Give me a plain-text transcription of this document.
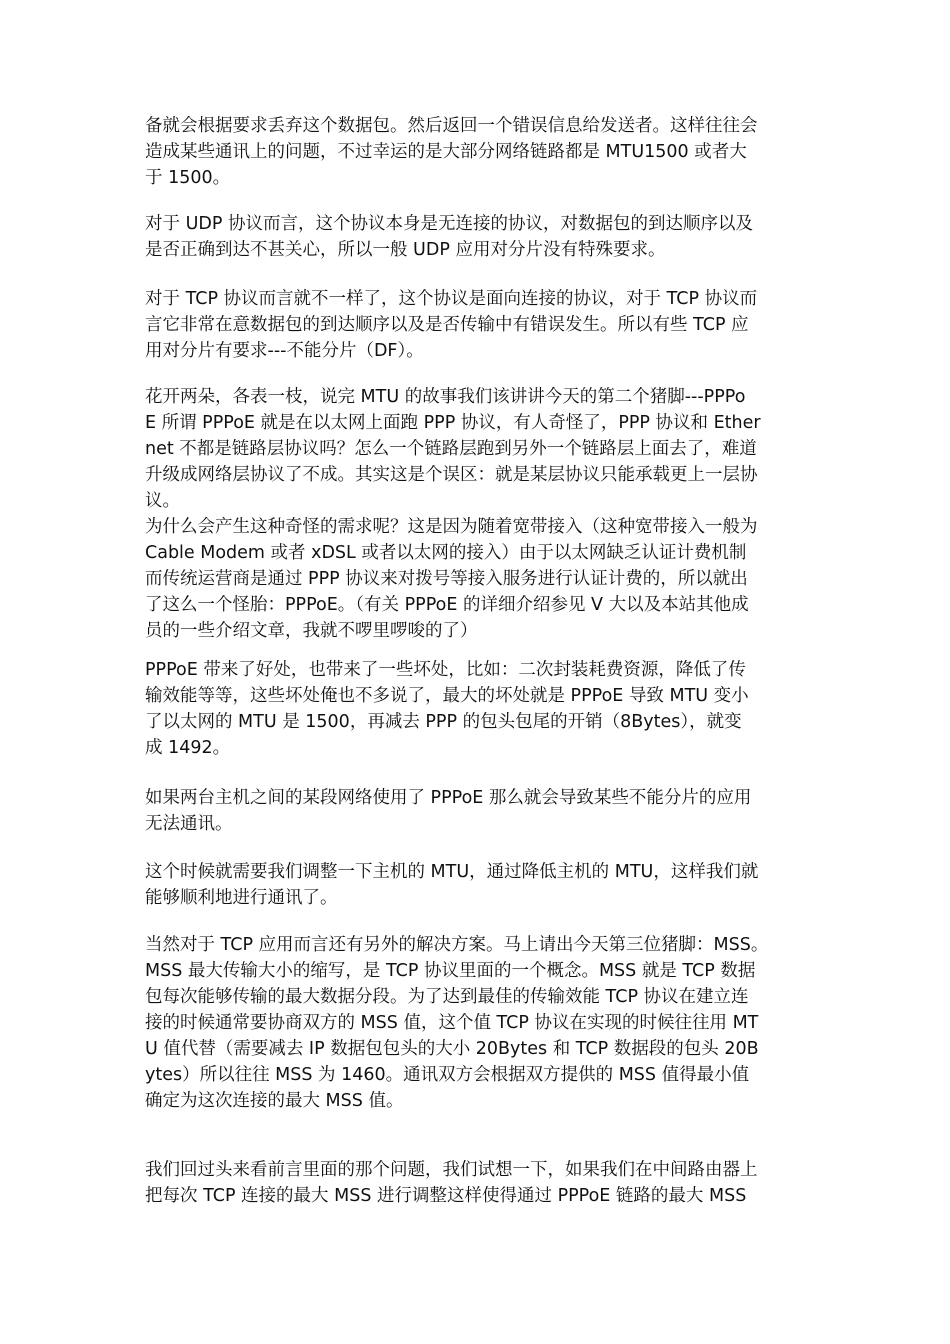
备就会根据要求丢弃这个数据包。然后返回一个错误信息给发送者。这样往往会
造成某些通讯上的问题，不过幸运的是大部分网络链路都是 MTU1500 或者大
于 1500。
对于 UDP 协议而言，这个协议本身是无连接的协议，对数据包的到达顺序以及
是否正确到达不甚关心，所以一般 UDP 应用对分片没有特殊要求。
对于 TCP 协议而言就不一样了，这个协议是面向连接的协议，对于 TCP 协议而
言它非常在意数据包的到达顺序以及是否传输中有错误发生。所以有些 TCP 应
用对分片有要求---不能分片（DF）。
花开两朵，各表一枝，说完 MTU 的故事我们该讲讲今天的第二个猪脚---PPPo
E 所谓 PPPoE 就是在以太网上面跑 PPP 协议，有人奇怪了，PPP 协议和 Ether
net 不都是链路层协议吗？怎么一个链路层跑到另外一个链路层上面去了，难道
升级成网络层协议了不成。其实这是个误区：就是某层协议只能承载更上一层协
议。
为什么会产生这种奇怪的需求呢？这是因为随着宽带接入（这种宽带接入一般为
Cable Modem 或者 xDSL 或者以太网的接入）由于以太网缺乏认证计费机制
而传统运营商是通过 PPP 协议来对拨号等接入服务进行认证计费的，所以就出
了这么一个怪胎：PPPoE。（有关 PPPoE 的详细介绍参见 V 大以及本站其他成
员的一些介绍文章，我就不啰里啰唆的了）
PPPoE 带来了好处，也带来了一些坏处，比如：二次封装耗费资源，降低了传
输效能等等，这些坏处俺也不多说了，最大的坏处就是 PPPoE 导致 MTU 变小
了以太网的 MTU 是 1500，再减去 PPP 的包头包尾的开销（8Bytes），就变
成 1492。
如果两台主机之间的某段网络使用了 PPPoE 那么就会导致某些不能分片的应用
无法通讯。
这个时候就需要我们调整一下主机的 MTU，通过降低主机的 MTU，这样我们就
能够顺利地进行通讯了。
当然对于 TCP 应用而言还有另外的解决方案。马上请出今天第三位猪脚：MSS。
MSS 最大传输大小的缩写，是 TCP 协议里面的一个概念。MSS 就是 TCP 数据
包每次能够传输的最大数据分段。为了达到最佳的传输效能 TCP 协议在建立连
接的时候通常要协商双方的 MSS 值，这个值 TCP 协议在实现的时候往往用 MT
U 值代替（需要减去 IP 数据包包头的大小 20Bytes 和 TCP 数据段的包头 20B
ytes）所以往往 MSS 为 1460。通讯双方会根据双方提供的 MSS 值得最小值
确定为这次连接的最大 MSS 值。
我们回过头来看前言里面的那个问题，我们试想一下，如果我们在中间路由器上
把每次 TCP 连接的最大 MSS 进行调整这样使得通过 PPPoE 链路的最大 MSS
